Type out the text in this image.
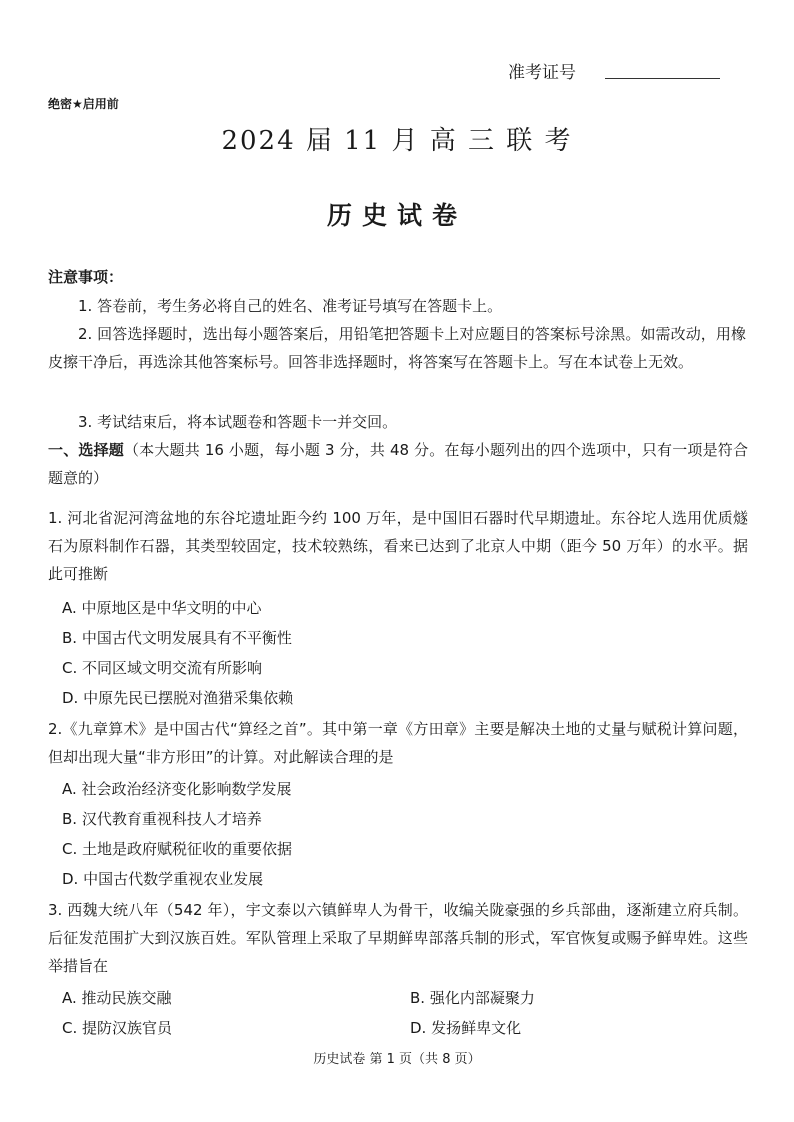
准考证号
绝密★启用前
2024 届 11 月 高 三 联 考
历史试卷
注意事项：
1. 答卷前，考生务必将自己的姓名、准考证号填写在答题卡上。
2. 回答选择题时，选出每小题答案后，用铅笔把答题卡上对应题目的答案标号涂黑。如需改动，用橡皮擦干净后，再选涂其他答案标号。回答非选择题时，将答案写在答题卡上。写在本试卷上无效。
3. 考试结束后，将本试题卷和答题卡一并交回。
一、选择题（本大题共 16 小题，每小题 3 分，共 48 分。在每小题列出的四个选项中，只有一项是符合题意的）
1. 河北省泥河湾盆地的东谷坨遗址距今约 100 万年，是中国旧石器时代早期遗址。东谷坨人选用优质燧石为原料制作石器，其类型较固定，技术较熟练，看来已达到了北京人中期（距今 50 万年）的水平。据此可推断
A. 中原地区是中华文明的中心
B. 中国古代文明发展具有不平衡性
C. 不同区域文明交流有所影响
D. 中原先民已摆脱对渔猎采集依赖
2.《九章算术》是中国古代“算经之首”。其中第一章《方田章》主要是解决土地的丈量与赋税计算问题，但却出现大量“非方形田”的计算。对此解读合理的是
A. 社会政治经济变化影响数学发展
B. 汉代教育重视科技人才培养
C. 土地是政府赋税征收的重要依据
D. 中国古代数学重视农业发展
3. 西魏大统八年（542 年），宇文泰以六镇鲜卑人为骨干，收编关陇豪强的乡兵部曲，逐渐建立府兵制。后征发范围扩大到汉族百姓。军队管理上采取了早期鲜卑部落兵制的形式，军官恢复或赐予鲜卑姓。这些举措旨在
A. 推动民族交融	B. 强化内部凝聚力
C. 提防汉族官员	D. 发扬鲜卑文化
历史试卷 第 1 页（共 8 页）
